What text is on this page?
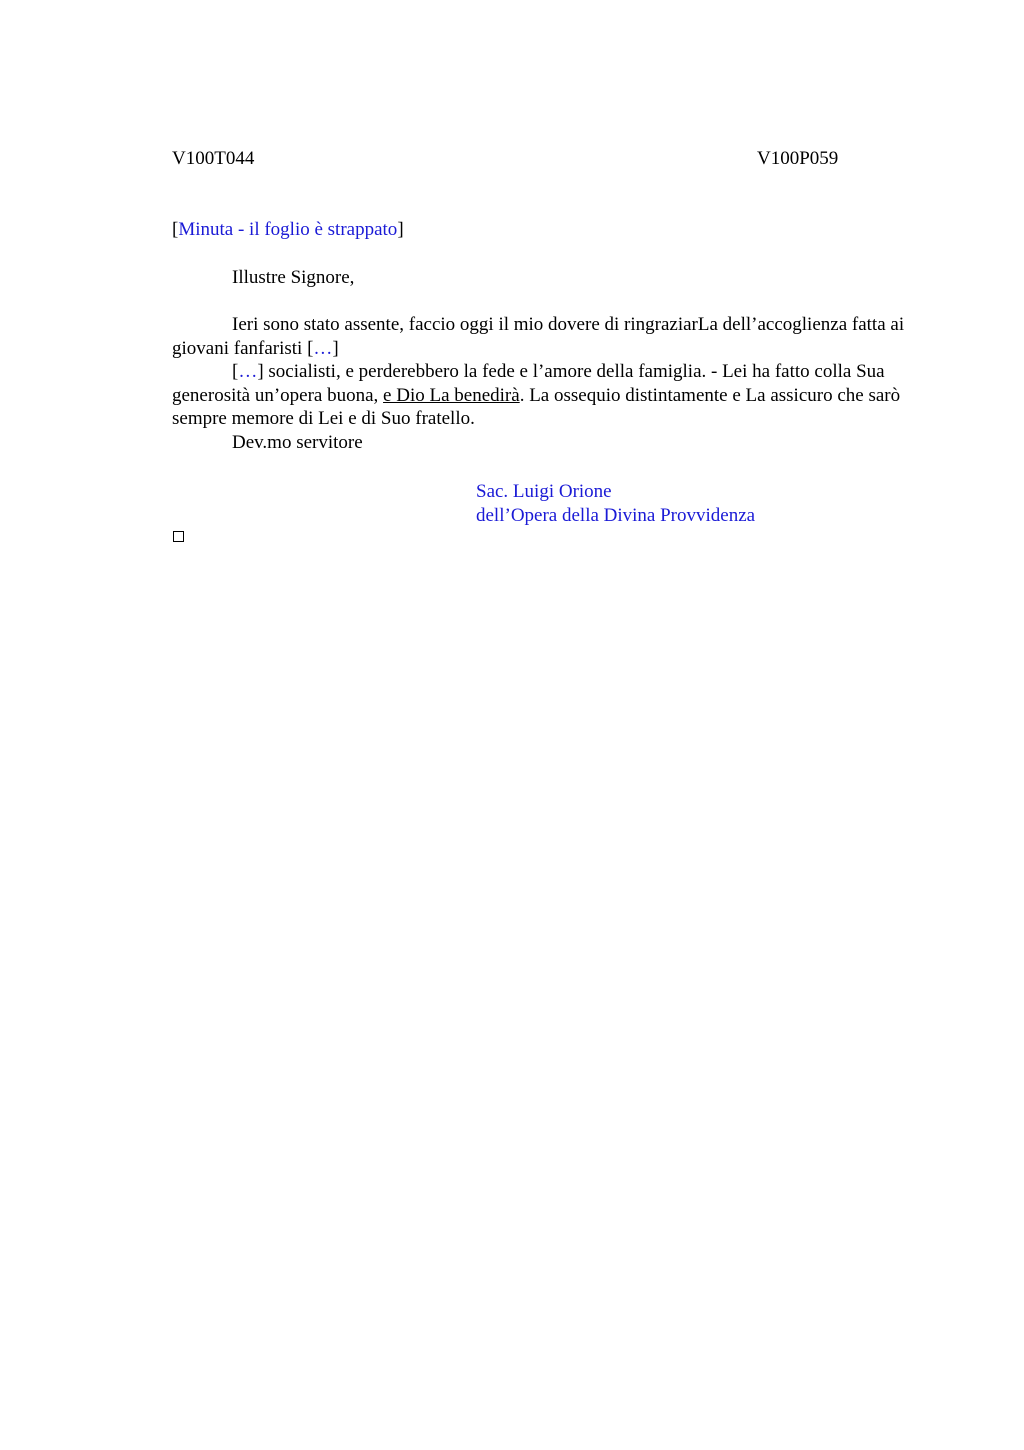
V100T044	V100P059
[Minuta - il foglio è strappato]
Illustre Signore,

Ieri sono stato assente, faccio oggi il mio dovere di ringraziarLa dell’accoglienza fatta ai giovani fanfaristi […]

[…] socialisti, e perderebbero la fede e l’amore della famiglia. - Lei ha fatto colla Sua generosità un’opera buona, e Dio La benedirà. La ossequio distintamente e La assicuro che sarò sempre memore di Lei e di Suo fratello.

Dev.mo servitore

Sac. Luigi Orione
dell’Opera della Divina Provvidenza
